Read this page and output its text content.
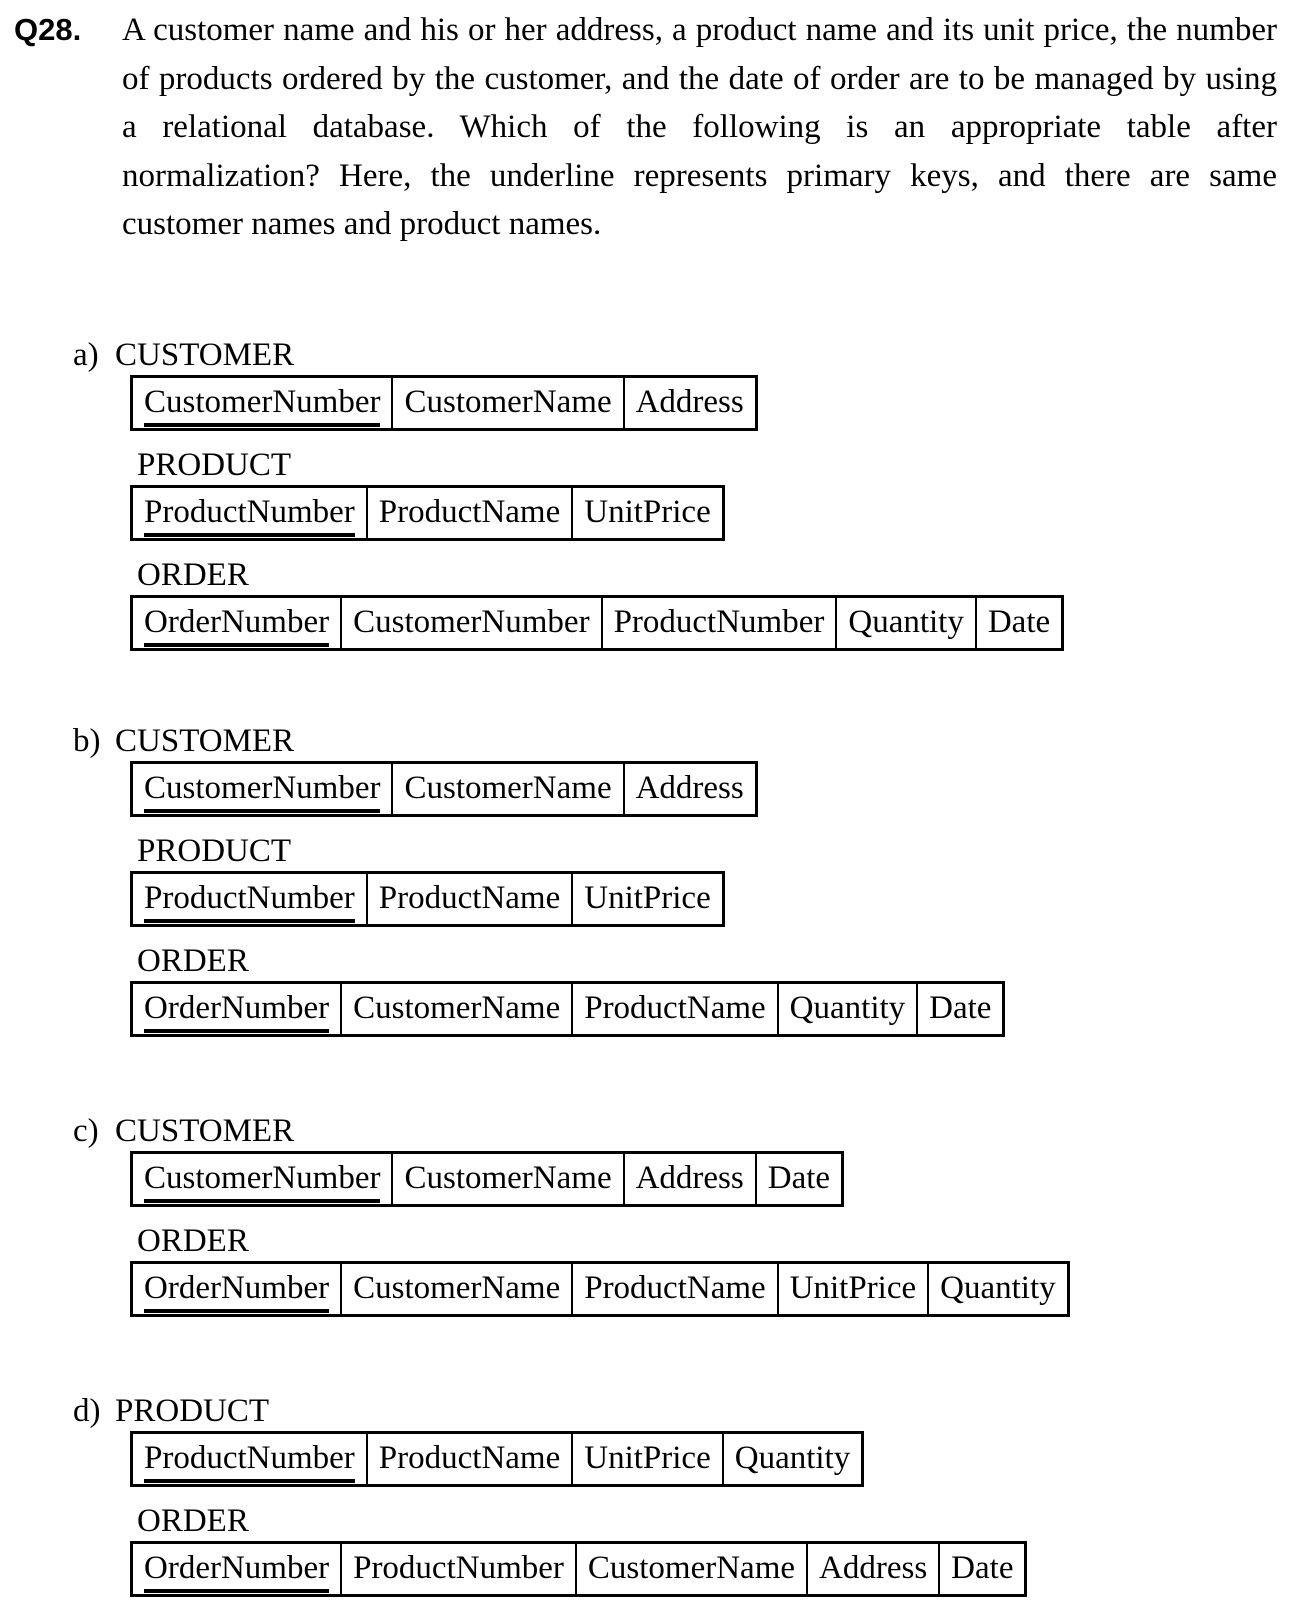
Q28.	A customer name and his or her address, a product name and its unit price, the number
of products ordered by the customer, and the date of order are to be managed by using
a relational database. Which of the following is an appropriate table after
normalization? Here, the underline represents primary keys, and there are same
customer names and product names.
a) CUSTOMER
CustomerNumber	CustomerName	Address
PRODUCT
ProductNumber	ProductName	UnitPrice
ORDER
OrderNumber	CustomerNumber	ProductNumber	Quantity	Date
b) CUSTOMER
CustomerNumber	CustomerName	Address
PRODUCT
ProductNumber	ProductName	UnitPrice
ORDER
OrderNumber	CustomerName	ProductName	Quantity	Date
c) CUSTOMER
CustomerNumber	CustomerName	Address	Date
ORDER
OrderNumber	CustomerName	ProductName	UnitPrice	Quantity
d) PRODUCT
ProductNumber	ProductName	UnitPrice	Quantity
ORDER
OrderNumber	ProductNumber	CustomerName	Address	Date
